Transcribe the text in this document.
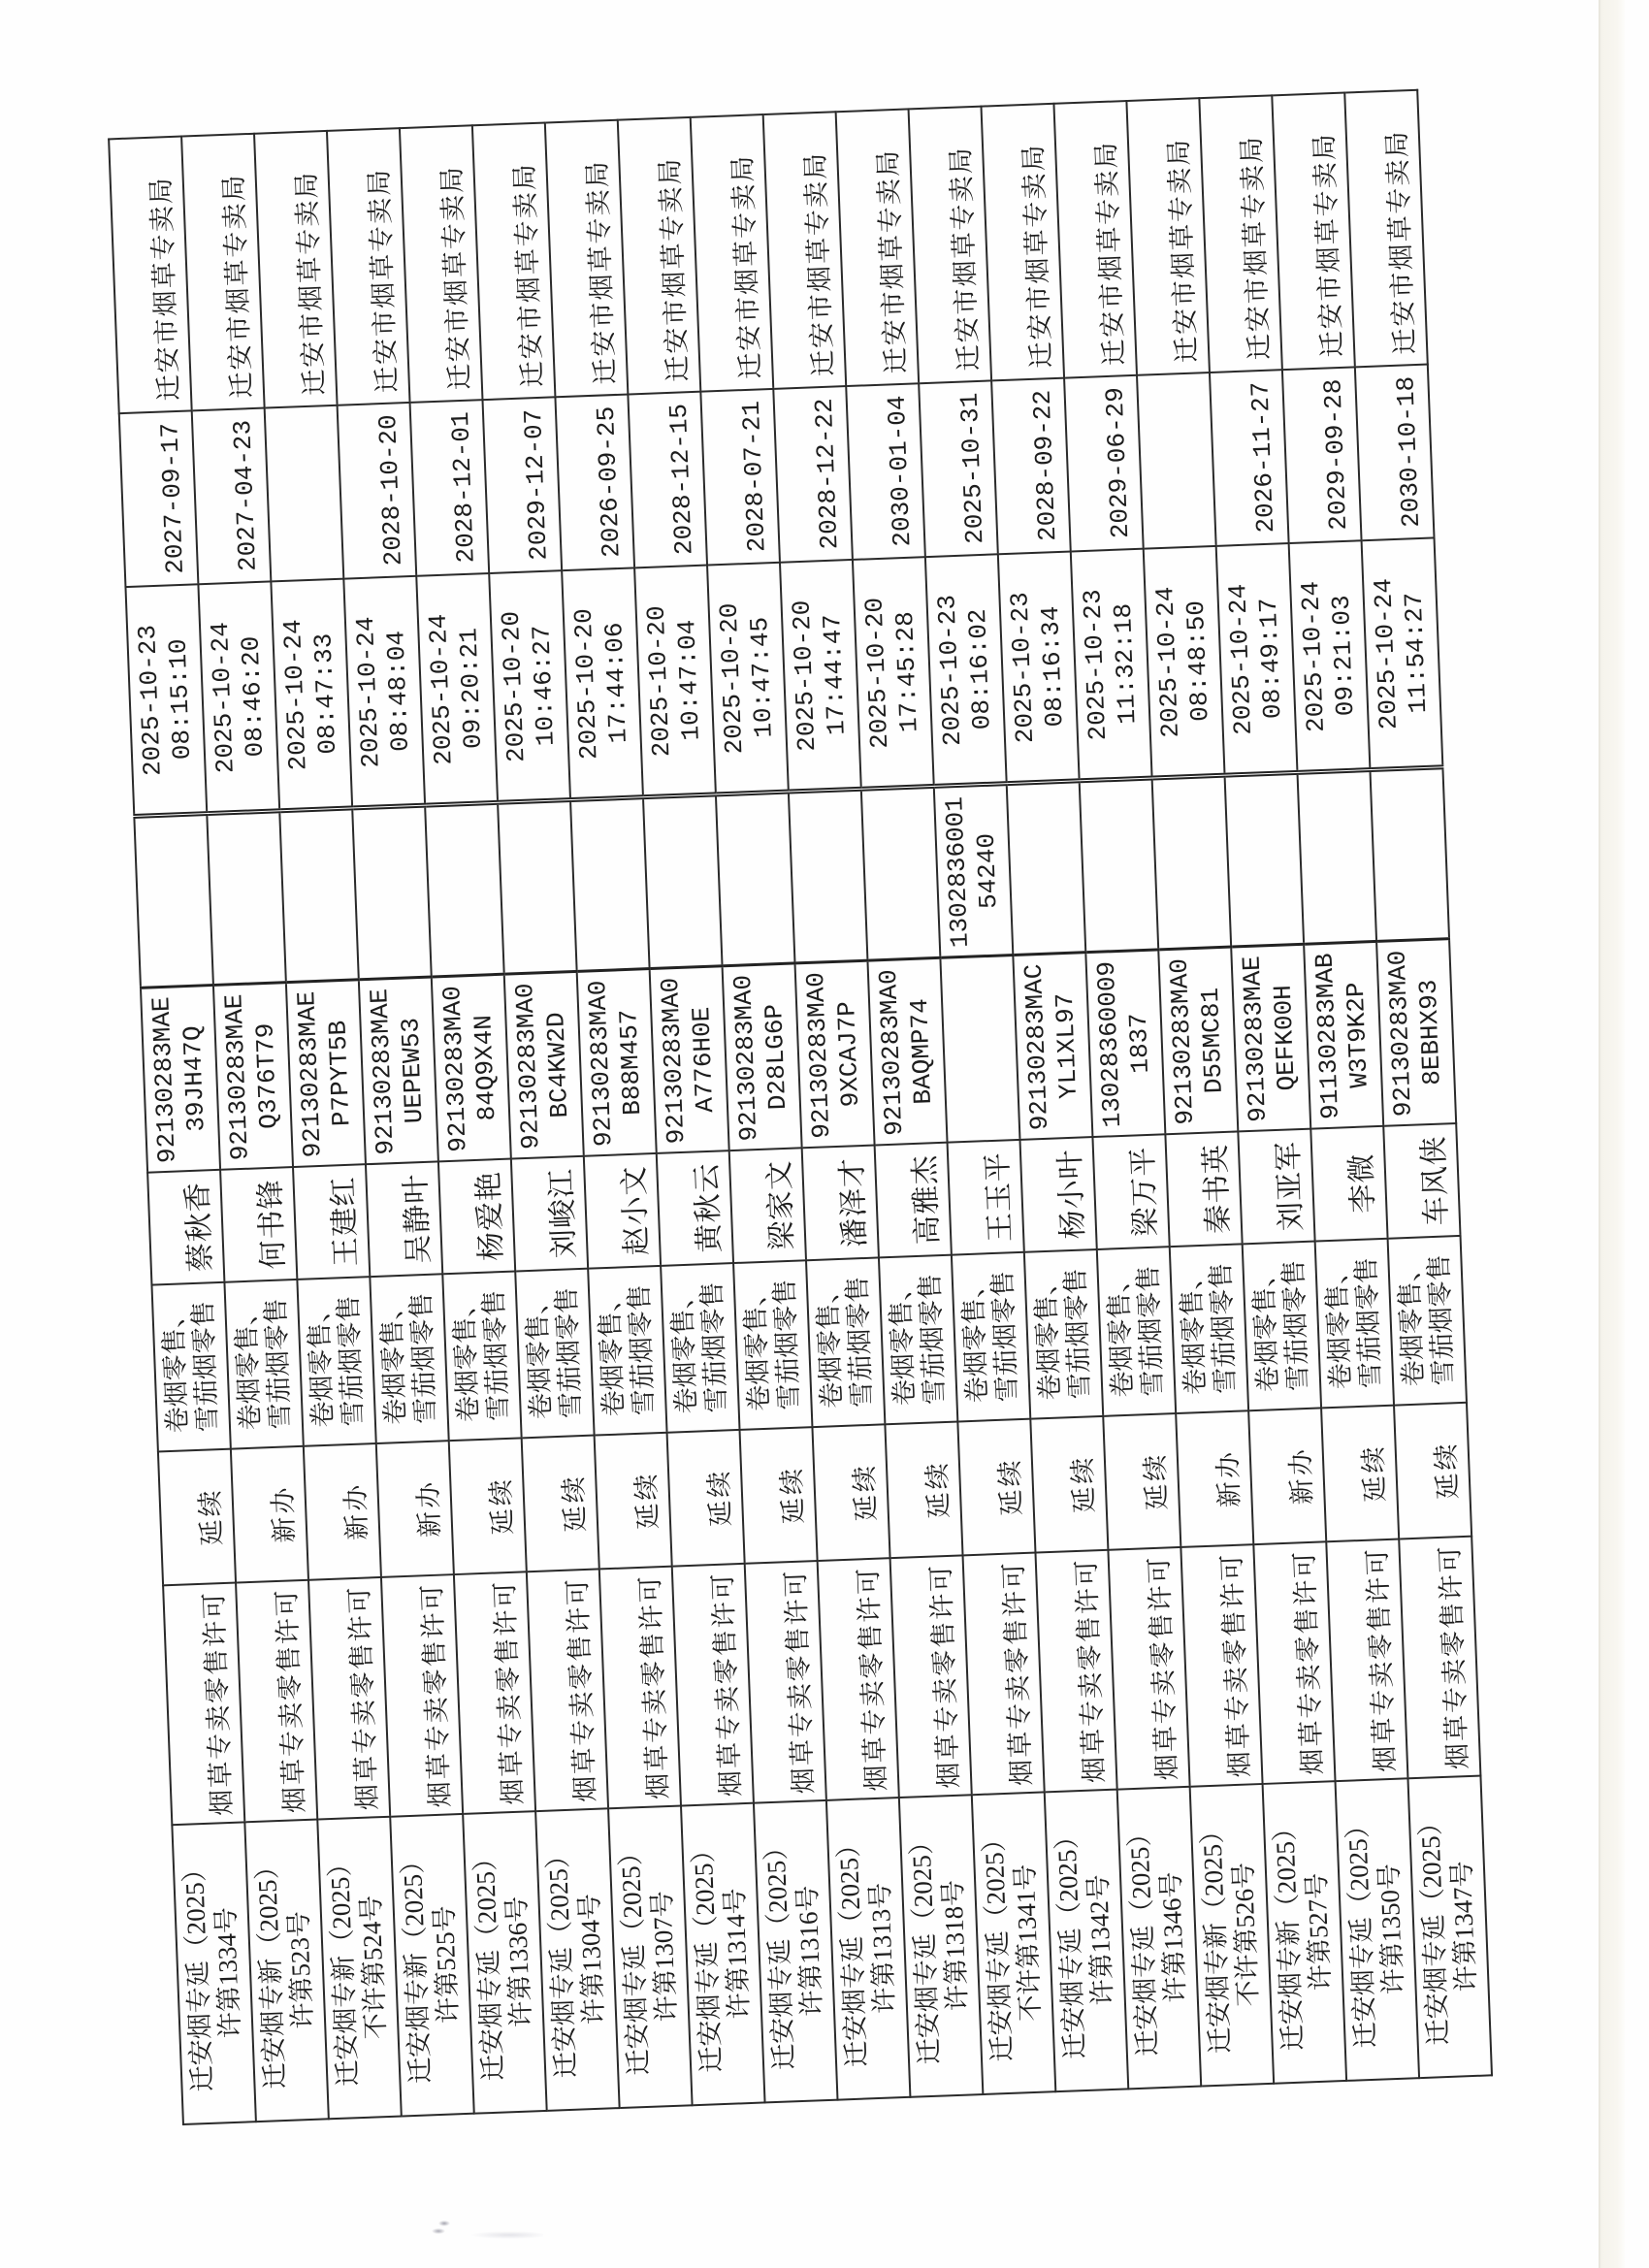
迁安烟专延（2025）
许第1334号	烟草专卖零售许可	延续	卷烟零售、雪茄烟零售	蔡秋香	92130283MAE39JH47Q		2025-10-23
08:15:10	2027-09-17	迁安市烟草专卖局

迁安烟专新（2025）
许第523号	烟草专卖零售许可	新办	卷烟零售、雪茄烟零售	何书锋	92130283MAEQ376T79		2025-10-24
08:46:20	2027-04-23	迁安市烟草专卖局

迁安烟专新（2025）
不许第524号	烟草专卖零售许可	新办	卷烟零售、雪茄烟零售	王建红	92130283MAEP7PYT5B		2025-10-24
08:47:33		迁安市烟草专卖局

迁安烟专新（2025）
许第525号	烟草专卖零售许可	新办	卷烟零售、雪茄烟零售	吴静叶	92130283MAEUEPEW53		2025-10-24
08:48:04	2028-10-20	迁安市烟草专卖局

迁安烟专延（2025）
许第1336号	烟草专卖零售许可	延续	卷烟零售、雪茄烟零售	杨爱艳	92130283MA084Q9X4N		2025-10-24
09:20:21	2028-12-01	迁安市烟草专卖局

迁安烟专延（2025）
许第1304号	烟草专卖零售许可	延续	卷烟零售、雪茄烟零售	刘峻江	92130283MA0BC4KW2D		2025-10-20
10:46:27	2029-12-07	迁安市烟草专卖局

迁安烟专延（2025）
许第1307号	烟草专卖零售许可	延续	卷烟零售、雪茄烟零售	赵小文	92130283MA0B88M457		2025-10-20
17:44:06	2026-09-25	迁安市烟草专卖局

迁安烟专延（2025）
许第1314号	烟草专卖零售许可	延续	卷烟零售、雪茄烟零售	黄秋云	92130283MA0A776H0E		2025-10-20
10:47:04	2028-12-15	迁安市烟草专卖局

迁安烟专延（2025）
许第1316号	烟草专卖零售许可	延续	卷烟零售、雪茄烟零售	梁家文	92130283MA0D28LG6P		2025-10-20
10:47:45	2028-07-21	迁安市烟草专卖局

迁安烟专延（2025）
许第1313号	烟草专卖零售许可	延续	卷烟零售、雪茄烟零售	潘泽才	92130283MA09XCAJ7P		2025-10-20
17:44:47	2028-12-22	迁安市烟草专卖局

迁安烟专延（2025）
许第1318号	烟草专卖零售许可	延续	卷烟零售、雪茄烟零售	高雅杰	92130283MA0BAQMP74		2025-10-20
17:45:28	2030-01-04	迁安市烟草专卖局

迁安烟专延（2025）
不许第1341号	烟草专卖零售许可	延续	卷烟零售、雪茄烟零售	王玉平		130283600154240	2025-10-23
08:16:02	2025-10-31	迁安市烟草专卖局

迁安烟专延（2025）
许第1342号	烟草专卖零售许可	延续	卷烟零售、雪茄烟零售	杨小叶	92130283MACYL1XL97		2025-10-23
08:16:34	2028-09-22	迁安市烟草专卖局

迁安烟专延（2025）
许第1346号	烟草专卖零售许可	延续	卷烟零售、雪茄烟零售	梁万平	130283600091837		2025-10-23
11:32:18	2029-06-29	迁安市烟草专卖局

迁安烟专新（2025）
不许第526号	烟草专卖零售许可	新办	卷烟零售、雪茄烟零售	秦书英	92130283MA0D55MC81		2025-10-24
08:48:50		迁安市烟草专卖局

迁安烟专新（2025）
许第527号	烟草专卖零售许可	新办	卷烟零售、雪茄烟零售	刘亚军	92130283MAEQEFK00H		2025-10-24
08:49:17	2026-11-27	迁安市烟草专卖局

迁安烟专延（2025）
许第1350号	烟草专卖零售许可	延续	卷烟零售、雪茄烟零售	李微	91130283MABW3T9K2P		2025-10-24
09:21:03	2029-09-28	迁安市烟草专卖局

迁安烟专延（2025）
许第1347号	烟草专卖零售许可	延续	卷烟零售、雪茄烟零售	车风侠	92130283MA08EBHX93		2025-10-24
11:54:27	2030-10-18	迁安市烟草专卖局
